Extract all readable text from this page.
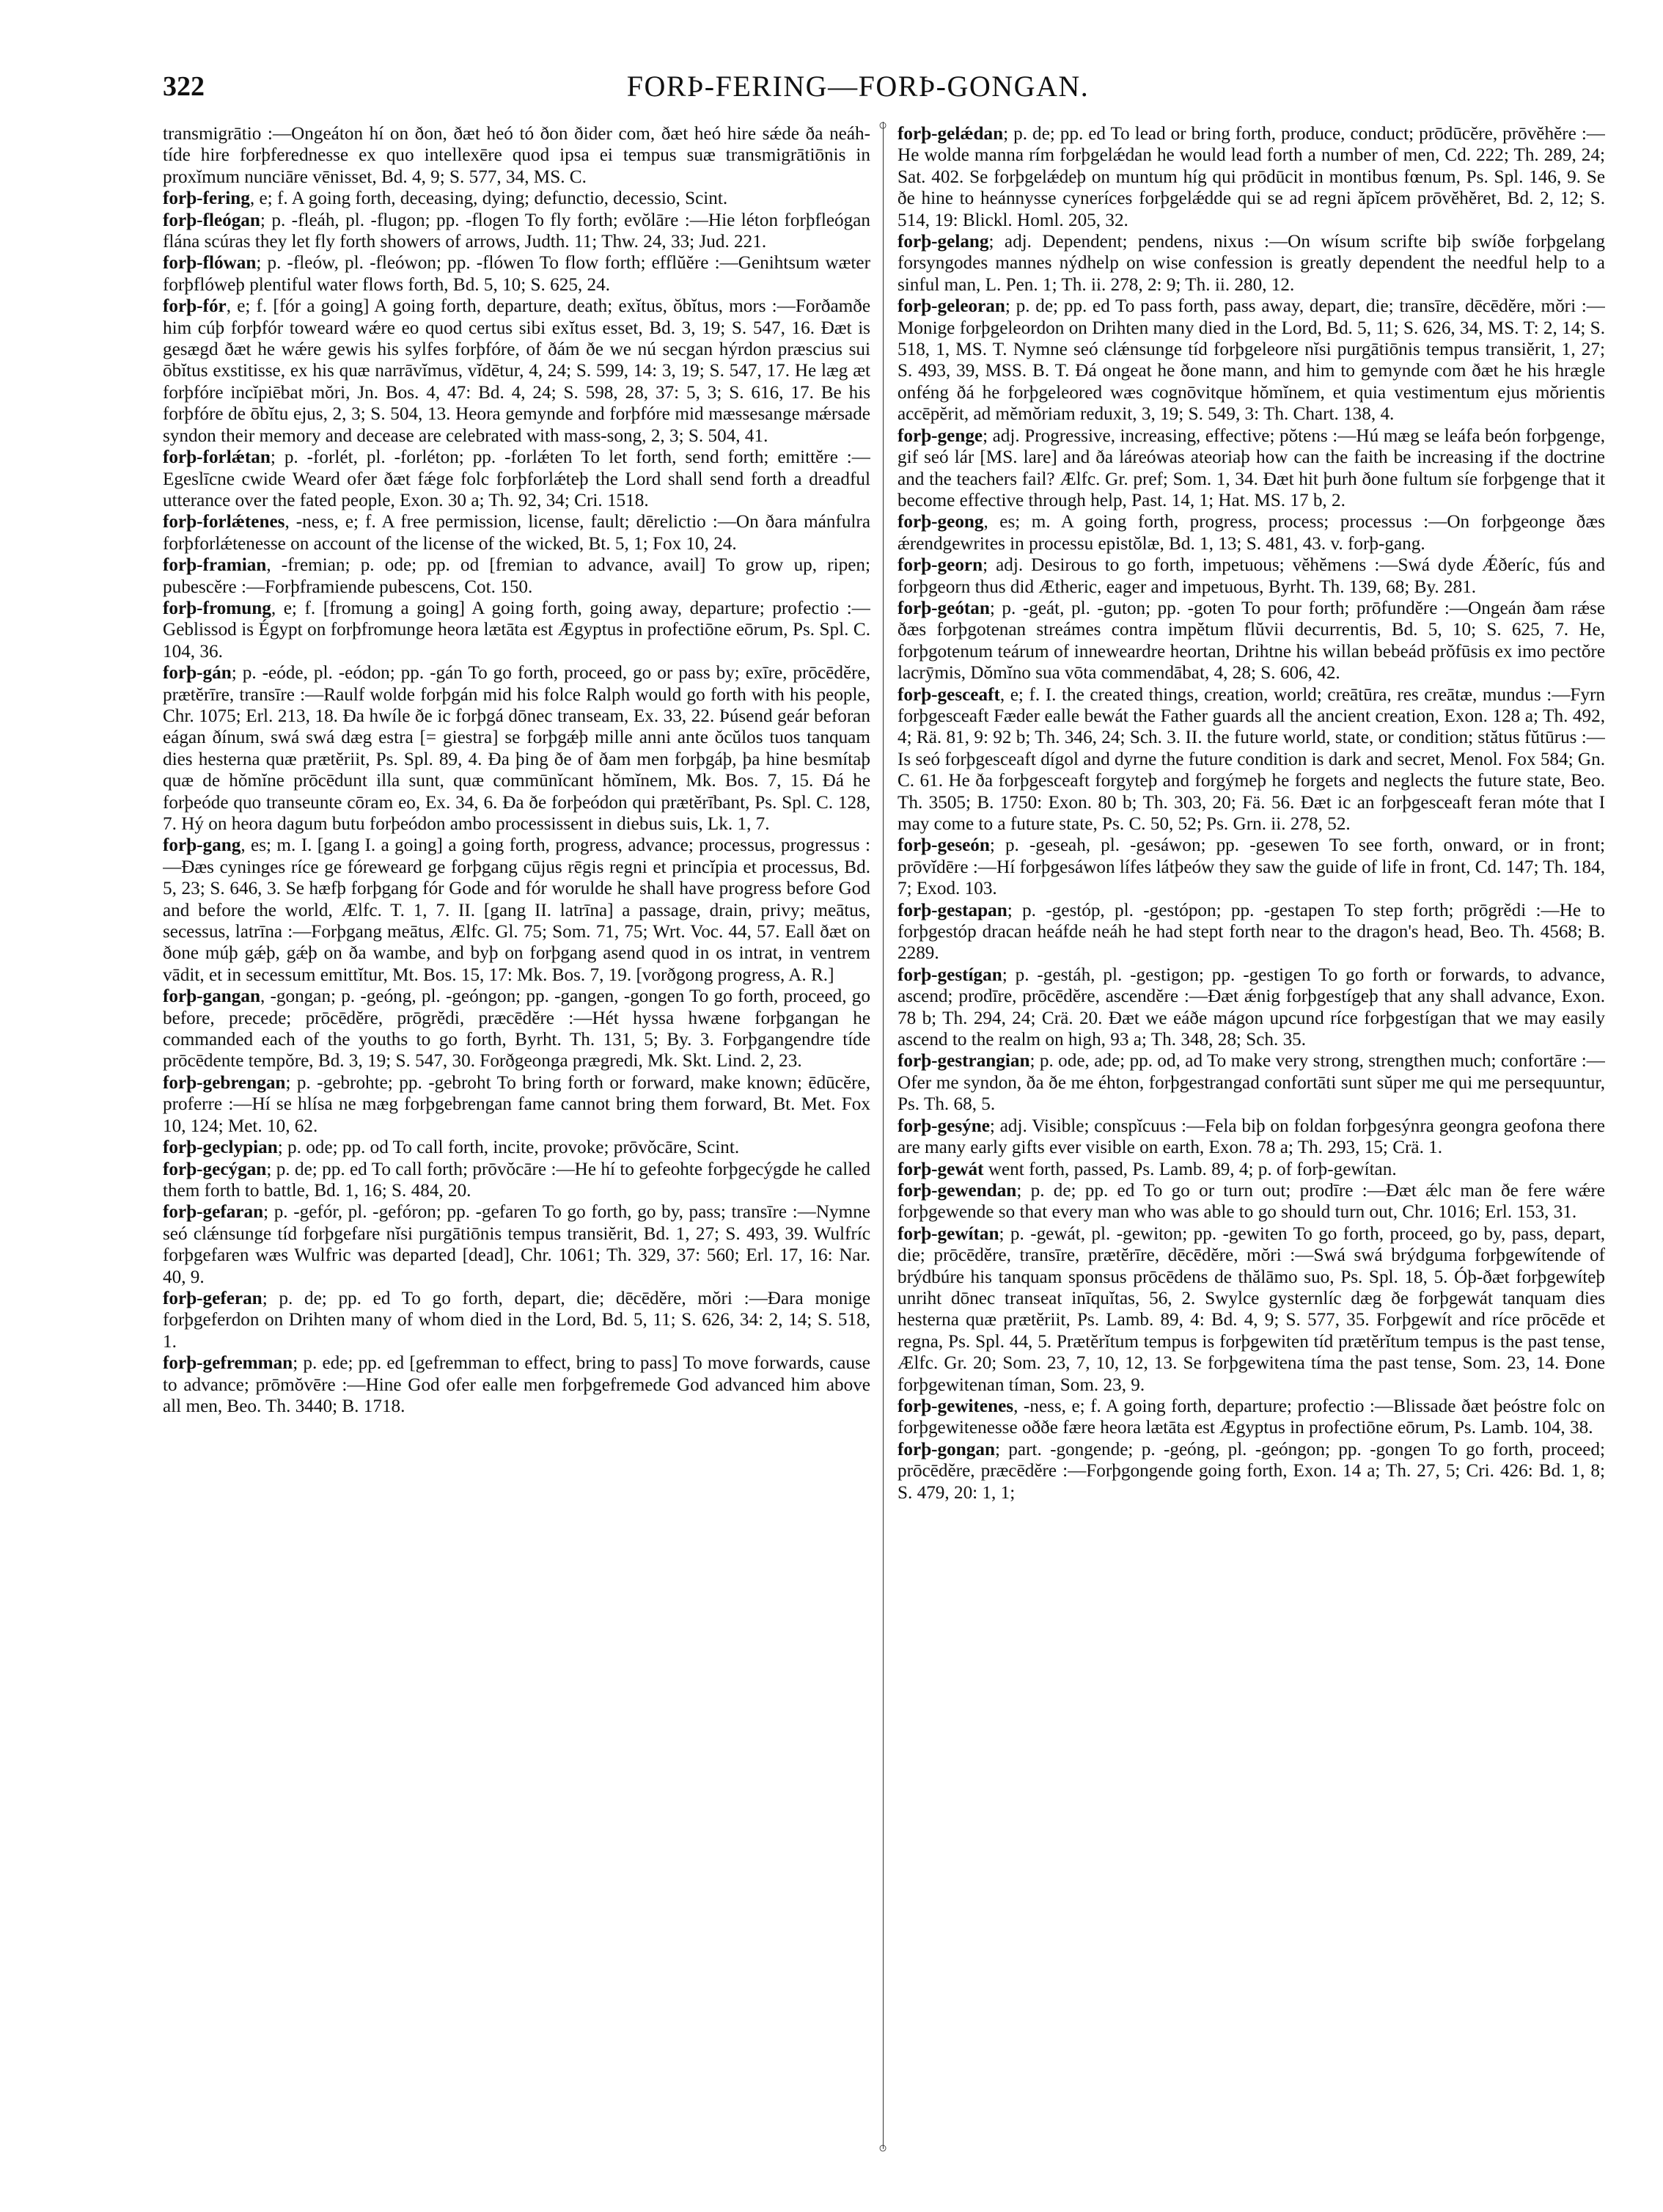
322	FORÞ-FERING—FORÞ-GONGAN.

transmigrātio :—Ongeáton hí on ðon, ðæt heó tó ðon ðider com, ðæt heó hire sǽde ða neáh-tíde hire forþferednesse ex quo intellexēre quod ipsa ei tempus suæ transmigrātiōnis in proxĭmum nunciāre vēnisset, Bd. 4, 9; S. 577, 34, MS. C.

forþ-fering, e; f. A going forth, deceasing, dying; defunctio, decessio, Scint.

forþ-fleógan; p. -fleáh, pl. -flugon; pp. -flogen To fly forth; evŏlāre :—Hie léton forþfleógan flána scúras they let fly forth showers of arrows, Judth. 11; Thw. 24, 33; Jud. 221.

forþ-flówan; p. -fleów, pl. -fleówon; pp. -flówen To flow forth; efflŭĕre :—Genihtsum wæter forþflóweþ plentiful water flows forth, Bd. 5, 10; S. 625, 24.

forþ-fór, e; f. [fór a going] A going forth, departure, death; exĭtus, ŏbĭtus, mors :—Forðamðe him cúþ forþfór toweard wǽre eo quod certus sibi exĭtus esset, Bd. 3, 19; S. 547, 16. Ðæt is gesægd ðæt he wǽre gewis his sylfes forþfóre, of ðám ðe we nú secgan hýrdon præscius sui ōbĭtus exstitisse, ex his quæ narrāvĭmus, vĭdētur, 4, 24; S. 599, 14: 3, 19; S. 547, 17. He læg æt forþfóre incĭpiēbat mŏri, Jn. Bos. 4, 47: Bd. 4, 24; S. 598, 28, 37: 5, 3; S. 616, 17. Be his forþfóre de ōbĭtu ejus, 2, 3; S. 504, 13. Heora gemynde and forþfóre mid mæssesange mǽrsade syndon their memory and decease are celebrated with mass-song, 2, 3; S. 504, 41.

forþ-forlǽtan; p. -forlét, pl. -forléton; pp. -forlǽten To let forth, send forth; emittĕre :—Egeslīcne cwide Weard ofer ðæt fǽge folc forþforlǽteþ the Lord shall send forth a dreadful utterance over the fated people, Exon. 30 a; Th. 92, 34; Cri. 1518.

forþ-forlǽtenes, -ness, e; f. A free permission, license, fault; dērelictio :—On ðara mánfulra forþforlǽtenesse on account of the license of the wicked, Bt. 5, 1; Fox 10, 24.

forþ-framian, -fremian; p. ode; pp. od [fremian to advance, avail] To grow up, ripen; pubescĕre :—Forþframiende pubescens, Cot. 150.

forþ-fromung, e; f. [fromung a going] A going forth, going away, departure; profectio :—Geblissod is Égypt on forþfromunge heora lætāta est Ægyptus in profectiōne eōrum, Ps. Spl. C. 104, 36.

forþ-gán; p. -eóde, pl. -eódon; pp. -gán To go forth, proceed, go or pass by; exīre, prōcēdĕre, prætĕrīre, transīre :—Raulf wolde forþgán mid his folce Ralph would go forth with his people, Chr. 1075; Erl. 213, 18. Ða hwíle ðe ic forþgá dōnec transeam, Ex. 33, 22. Þúsend geár beforan eágan ðínum, swá swá dæg estra [= giestra] se forþgǽþ mille anni ante ŏcŭlos tuos tanquam dies hesterna quæ prætĕriit, Ps. Spl. 89, 4. Ða þing ðe of ðam men forþgáþ, þa hine besmítaþ quæ de hŏmĭne prōcēdunt illa sunt, quæ commūnĭcant hŏmĭnem, Mk. Bos. 7, 15. Ðá he forþeóde quo transeunte cōram eo, Ex. 34, 6. Ða ðe forþeódon qui prætĕrībant, Ps. Spl. C. 128, 7. Hý on heora dagum butu forþeódon ambo processissent in diebus suis, Lk. 1, 7.

forþ-gang, es; m. I. [gang I. a going] a going forth, progress, advance; processus, progressus :—Ðæs cyninges ríce ge fóreweard ge forþgang cūjus rēgis regni et princĭpia et processus, Bd. 5, 23; S. 646, 3. Se hæfþ forþgang fór Gode and fór worulde he shall have progress before God and before the world, Ælfc. T. 1, 7. II. [gang II. latrīna] a passage, drain, privy; meātus, secessus, latrīna :—Forþgang meātus, Ælfc. Gl. 75; Som. 71, 75; Wrt. Voc. 44, 57. Eall ðæt on ðone múþ gǽþ, gǽþ on ða wambe, and byþ on forþgang asend quod in os intrat, in ventrem vādit, et in secessum emittĭtur, Mt. Bos. 15, 17: Mk. Bos. 7, 19. [vorðgong progress, A. R.]

forþ-gangan, -gongan; p. -geóng, pl. -geóngon; pp. -gangen, -gongen To go forth, proceed, go before, precede; prōcēdĕre, prōgrĕdi, præcēdĕre :—Hét hyssa hwæne forþgangan he commanded each of the youths to go forth, Byrht. Th. 131, 5; By. 3. Forþgangendre tíde prōcēdente tempŏre, Bd. 3, 19; S. 547, 30. Forðgeonga prægredi, Mk. Skt. Lind. 2, 23.

forþ-gebrengan; p. -gebrohte; pp. -gebroht To bring forth or forward, make known; ēdūcĕre, proferre :—Hí se hlísa ne mæg forþgebrengan fame cannot bring them forward, Bt. Met. Fox 10, 124; Met. 10, 62.

forþ-geclypian; p. ode; pp. od To call forth, incite, provoke; prōvŏcāre, Scint.

forþ-gecýgan; p. de; pp. ed To call forth; prōvŏcāre :—He hí to gefeohte forþgecýgde he called them forth to battle, Bd. 1, 16; S. 484, 20.

forþ-gefaran; p. -gefór, pl. -gefóron; pp. -gefaren To go forth, go by, pass; transīre :—Nymne seó clǽnsunge tíd forþgefare nĭsi purgātiōnis tempus transiĕrit, Bd. 1, 27; S. 493, 39. Wulfríc forþgefaren wæs Wulfric was departed [dead], Chr. 1061; Th. 329, 37: 560; Erl. 17, 16: Nar. 40, 9.

forþ-geferan; p. de; pp. ed To go forth, depart, die; dēcēdĕre, mŏri :—Ðara monige forþgeferdon on Drihten many of whom died in the Lord, Bd. 5, 11; S. 626, 34: 2, 14; S. 518, 1.

forþ-gefremman; p. ede; pp. ed [gefremman to effect, bring to pass] To move forwards, cause to advance; prōmŏvēre :—Hine God ofer ealle men forþgefremede God advanced him above all men, Beo. Th. 3440; B. 1718.

○
○

forþ-gelǽdan; p. de; pp. ed To lead or bring forth, produce, conduct; prōdūcĕre, prōvĕhĕre :—He wolde manna rím forþgelǽdan he would lead forth a number of men, Cd. 222; Th. 289, 24; Sat. 402. Se forþgelǽdeþ on muntum híg qui prōdūcit in montibus fœnum, Ps. Spl. 146, 9. Se ðe hine to heánnysse cyneríces forþgelǽdde qui se ad regni ăpĭcem prōvĕhĕret, Bd. 2, 12; S. 514, 19: Blickl. Homl. 205, 32.

forþ-gelang; adj. Dependent; pendens, nixus :—On wísum scrifte biþ swíðe forþgelang forsyngodes mannes nýdhelp on wise confession is greatly dependent the needful help to a sinful man, L. Pen. 1; Th. ii. 278, 2: 9; Th. ii. 280, 12.

forþ-geleoran; p. de; pp. ed To pass forth, pass away, depart, die; transīre, dēcēdĕre, mŏri :—Monige forþgeleordon on Drihten many died in the Lord, Bd. 5, 11; S. 626, 34, MS. T: 2, 14; S. 518, 1, MS. T. Nymne seó clǽnsunge tíd forþgeleore nĭsi purgātiōnis tempus transiĕrit, 1, 27; S. 493, 39, MSS. B. T. Ðá ongeat he ðone mann, and him to gemynde com ðæt he his hrægle onféng ðá he forþgeleored wæs cognōvitque hŏmĭnem, et quia vestimentum ejus mŏrientis accēpĕrit, ad mĕmŏriam reduxit, 3, 19; S. 549, 3: Th. Chart. 138, 4.

forþ-genge; adj. Progressive, increasing, effective; pŏtens :—Hú mæg se leáfa beón forþgenge, gif seó lár [MS. lare] and ða láreówas ateoriaþ how can the faith be increasing if the doctrine and the teachers fail? Ælfc. Gr. pref; Som. 1, 34. Ðæt hit þurh ðone fultum síe forþgenge that it become effective through help, Past. 14, 1; Hat. MS. 17 b, 2.

forþ-geong, es; m. A going forth, progress, process; processus :—On forþgeonge ðæs ǽrendgewrites in processu epistŏlæ, Bd. 1, 13; S. 481, 43. v. forþ-gang.

forþ-georn; adj. Desirous to go forth, impetuous; vĕhĕmens :—Swá dyde Ǽðeríc, fús and forþgeorn thus did Ætheric, eager and impetuous, Byrht. Th. 139, 68; By. 281.

forþ-geótan; p. -geát, pl. -guton; pp. -goten To pour forth; prōfundĕre :—Ongeán ðam rǽse ðæs forþgotenan streámes contra impĕtum flŭvii decurrentis, Bd. 5, 10; S. 625, 7. He, forþgotenum teárum of inneweardre heortan, Drihtne his willan bebeád prŏfūsis ex imo pectŏre lacrȳmis, Dŏmĭno sua vōta commendābat, 4, 28; S. 606, 42.

forþ-gesceaft, e; f. I. the created things, creation, world; creātūra, res creātæ, mundus :—Fyrn forþgesceaft Fæder ealle bewát the Father guards all the ancient creation, Exon. 128 a; Th. 492, 4; Rä. 81, 9: 92 b; Th. 346, 24; Sch. 3. II. the future world, state, or condition; stătus fŭtūrus :—Is seó forþgesceaft dígol and dyrne the future condition is dark and secret, Menol. Fox 584; Gn. C. 61. He ða forþgesceaft forgyteþ and forgýmeþ he forgets and neglects the future state, Beo. Th. 3505; B. 1750: Exon. 80 b; Th. 303, 20; Fä. 56. Ðæt ic an forþgesceaft feran móte that I may come to a future state, Ps. C. 50, 52; Ps. Grn. ii. 278, 52.

forþ-geseón; p. -geseah, pl. -gesáwon; pp. -gesewen To see forth, onward, or in front; prōvĭdēre :—Hí forþgesáwon lífes látþeów they saw the guide of life in front, Cd. 147; Th. 184, 7; Exod. 103.

forþ-gestapan; p. -gestóp, pl. -gestópon; pp. -gestapen To step forth; prōgrĕdi :—He to forþgestóp dracan heáfde neáh he had stept forth near to the dragon's head, Beo. Th. 4568; B. 2289.

forþ-gestígan; p. -gestáh, pl. -gestigon; pp. -gestigen To go forth or forwards, to advance, ascend; prodīre, prōcēdĕre, ascendĕre :—Ðæt ǽnig forþgestígeþ that any shall advance, Exon. 78 b; Th. 294, 24; Crä. 20. Ðæt we eáðe mágon upcund ríce forþgestígan that we may easily ascend to the realm on high, 93 a; Th. 348, 28; Sch. 35.

forþ-gestrangian; p. ode, ade; pp. od, ad To make very strong, strengthen much; confortāre :—Ofer me syndon, ða ðe me éhton, forþgestrangad confortāti sunt sŭper me qui me persequuntur, Ps. Th. 68, 5.

forþ-gesýne; adj. Visible; conspĭcuus :—Fela biþ on foldan forþgesýnra geongra geofona there are many early gifts ever visible on earth, Exon. 78 a; Th. 293, 15; Crä. 1.

forþ-gewát went forth, passed, Ps. Lamb. 89, 4; p. of forþ-gewítan.

forþ-gewendan; p. de; pp. ed To go or turn out; prodīre :—Ðæt ǽlc man ðe fere wǽre forþgewende so that every man who was able to go should turn out, Chr. 1016; Erl. 153, 31.

forþ-gewítan; p. -gewát, pl. -gewiton; pp. -gewiten To go forth, proceed, go by, pass, depart, die; prōcēdĕre, transīre, prætĕrīre, dēcēdĕre, mŏri :—Swá swá brýdguma forþgewítende of brýdbúre his tanquam sponsus prōcēdens de thălāmo suo, Ps. Spl. 18, 5. Óþ-ðæt forþgewíteþ unriht dōnec transeat inīquĭtas, 56, 2. Swylce gysternlíc dæg ðe forþgewát tanquam dies hesterna quæ prætĕriit, Ps. Lamb. 89, 4: Bd. 4, 9; S. 577, 35. Forþgewít and ríce prōcēde et regna, Ps. Spl. 44, 5. Prætĕrĭtum tempus is forþgewiten tíd prætĕrĭtum tempus is the past tense, Ælfc. Gr. 20; Som. 23, 7, 10, 12, 13. Se forþgewitena tíma the past tense, Som. 23, 14. Ðone forþgewitenan tíman, Som. 23, 9.

forþ-gewitenes, -ness, e; f. A going forth, departure; profectio :—Blissade ðæt þeóstre folc on forþgewitenesse oððe fære heora lætāta est Ægyptus in profectiōne eōrum, Ps. Lamb. 104, 38.

forþ-gongan; part. -gongende; p. -geóng, pl. -geóngon; pp. -gongen To go forth, proceed; prōcēdĕre, præcēdĕre :—Forþgongende going forth, Exon. 14 a; Th. 27, 5; Cri. 426: Bd. 1, 8; S. 479, 20: 1, 1;
